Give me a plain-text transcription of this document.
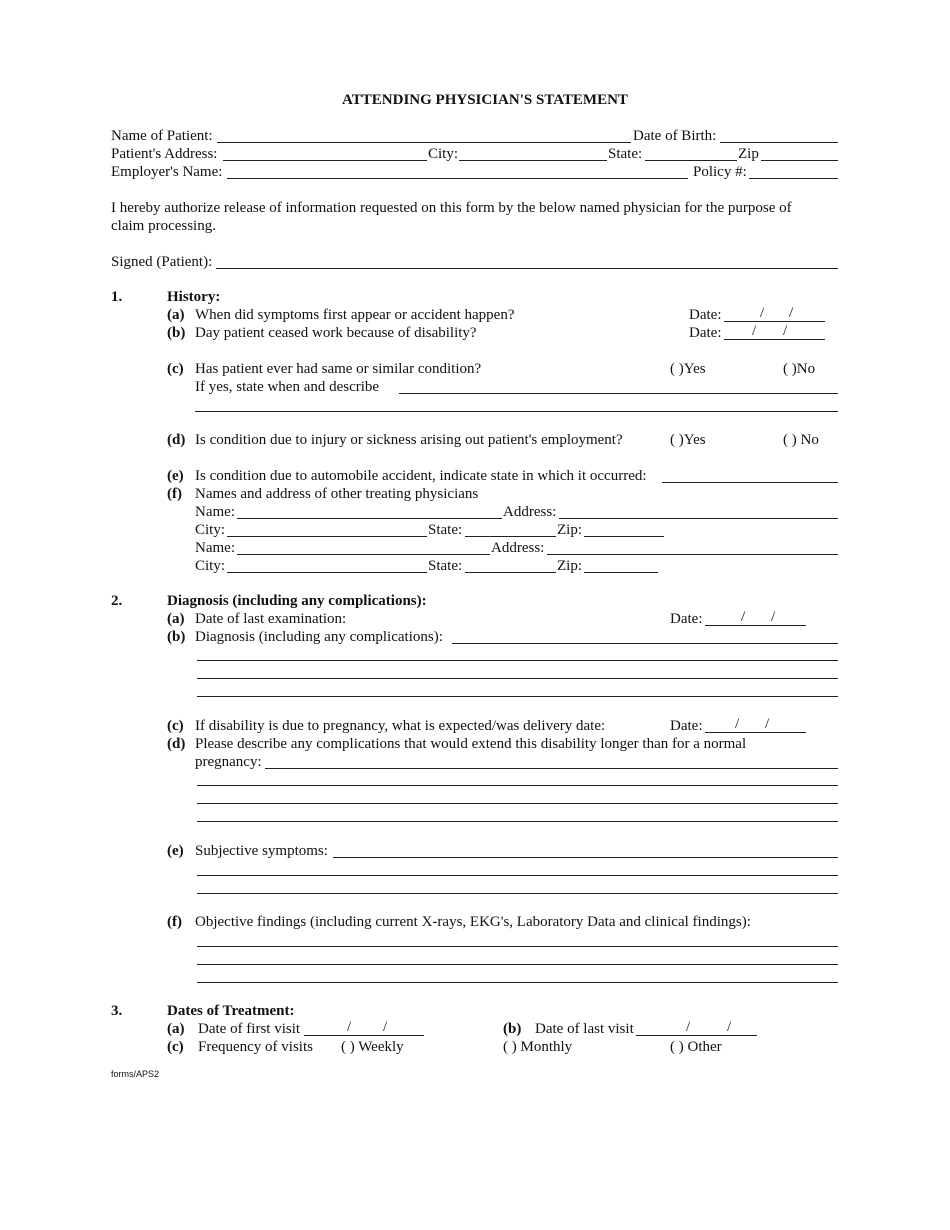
ATTENDING PHYSICIAN'S STATEMENT
Name of Patient:	Date of Birth:
Patient's Address:	City:	State:	Zip
Employer's Name:	Policy #:
I hereby authorize release of information requested on this form by the below named physician for the purpose of
claim processing.
Signed (Patient):
1.	History:
(a) When did symptoms first appear or accident happen?	Date:	/ /
(b) Day patient ceased work because of disability?	Date: / /
(c) Has patient ever had same or similar condition?	( )Yes	( )No
If yes, state when and describe
(d) Is condition due to injury or sickness arising out patient's employment?	( )Yes	( ) No
(e) Is condition due to automobile accident, indicate state in which it occurred:
(f) Names and address of other treating physicians
Name:	Address:
City:	State:	Zip:
Name:	Address:
City:	State:	Zip:
2.	Diagnosis (including any complications):
(a) Date of last examination:	Date:	/ /
(b) Diagnosis (including any complications):
(c) If disability is due to pregnancy, what is expected/was delivery date:	Date: / /
(d) Please describe any complications that would extend this disability longer than for a normal
pregnancy:
(e) Subjective symptoms:
(f) Objective findings (including current X-rays, EKG's, Laboratory Data and clinical findings):
3.	Dates of Treatment:
(a) Date of first visit	/ /	(b) Date of last visit	/ /
(c) Frequency of visits ( ) Weekly	( ) Monthly	( ) Other
forms/APS2
